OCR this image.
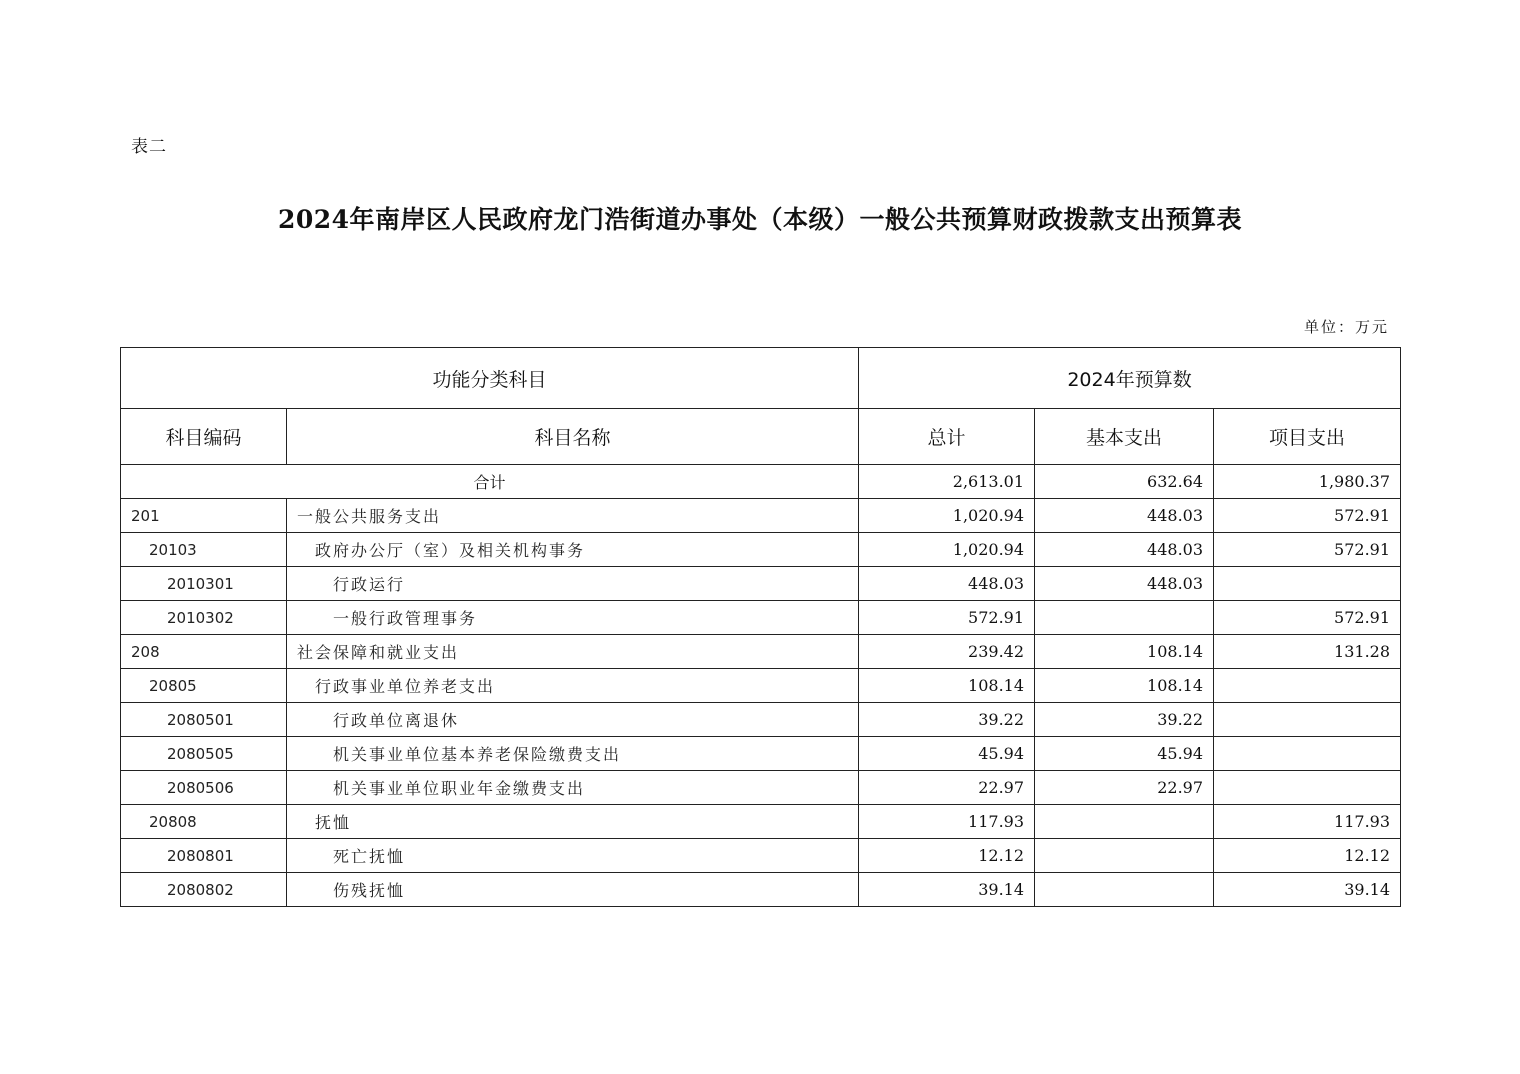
表二
2024年南岸区人民政府龙门浩街道办事处（本级）一般公共预算财政拨款支出预算表
单位：万元
功能分类科目		2024年预算数		
科目编码	科目名称	总计	基本支出	项目支出
合计		2,613.01	632.64	1,980.37
201	一般公共服务支出	1,020.94	448.03	572.91
20103	政府办公厅（室）及相关机构事务	1,020.94	448.03	572.91
2010301	行政运行	448.03	448.03	
2010302	一般行政管理事务	572.91		572.91
208	社会保障和就业支出	239.42	108.14	131.28
20805	行政事业单位养老支出	108.14	108.14	
2080501	行政单位离退休	39.22	39.22	
2080505	机关事业单位基本养老保险缴费支出	45.94	45.94	
2080506	机关事业单位职业年金缴费支出	22.97	22.97	
20808	抚恤	117.93		117.93
2080801	死亡抚恤	12.12		12.12
2080802	伤残抚恤	39.14		39.14
